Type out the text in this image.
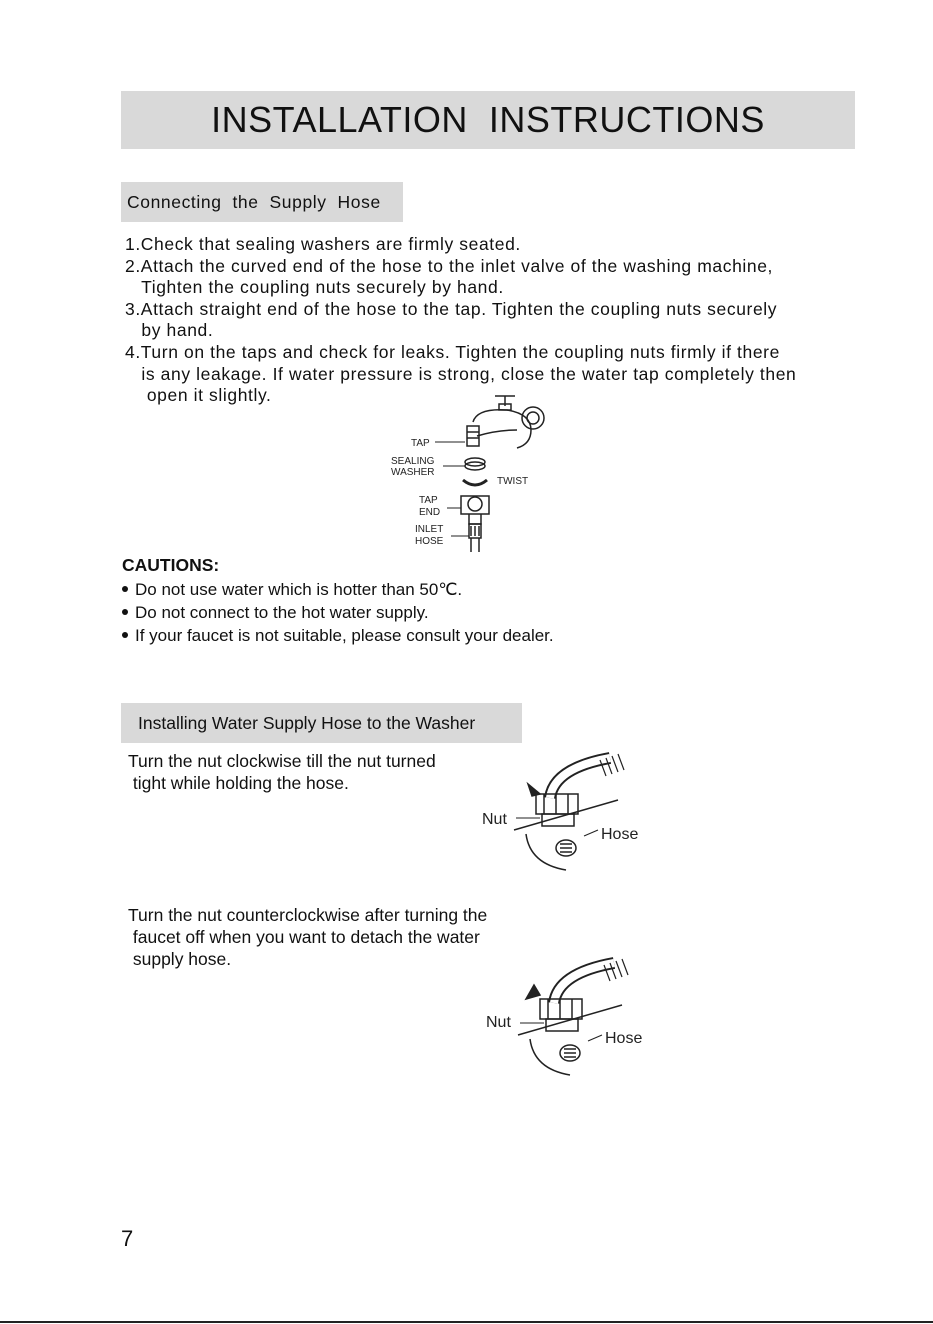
INSTALLATION  INSTRUCTIONS
Connecting  the  Supply  Hose
1.Check that sealing washers are firmly seated.
2.Attach the curved end of the hose to the inlet valve of the washing machine,
Tighten the coupling nuts securely by hand.
3.Attach straight end of the hose to the tap. Tighten the coupling nuts securely
by hand.
4.Turn on the taps and check for leaks. Tighten the coupling nuts firmly if there
is any leakage. If water pressure is strong, close the water tap completely then
open it slightly.
TAP
SEALING
WASHER
TWIST
TAP
END
INLET
HOSE
CAUTIONS:
Do not use water which is hotter than 50℃.
Do not connect to the hot water supply.
If your faucet is not suitable, please consult your dealer.
Installing Water Supply Hose to the Washer
Turn the nut clockwise till the nut turned
tight while holding the hose.
Turn the nut counterclockwise after turning the
faucet off when you want to detach the water
supply hose.
Nut
Hose
Nut
Hose
7
